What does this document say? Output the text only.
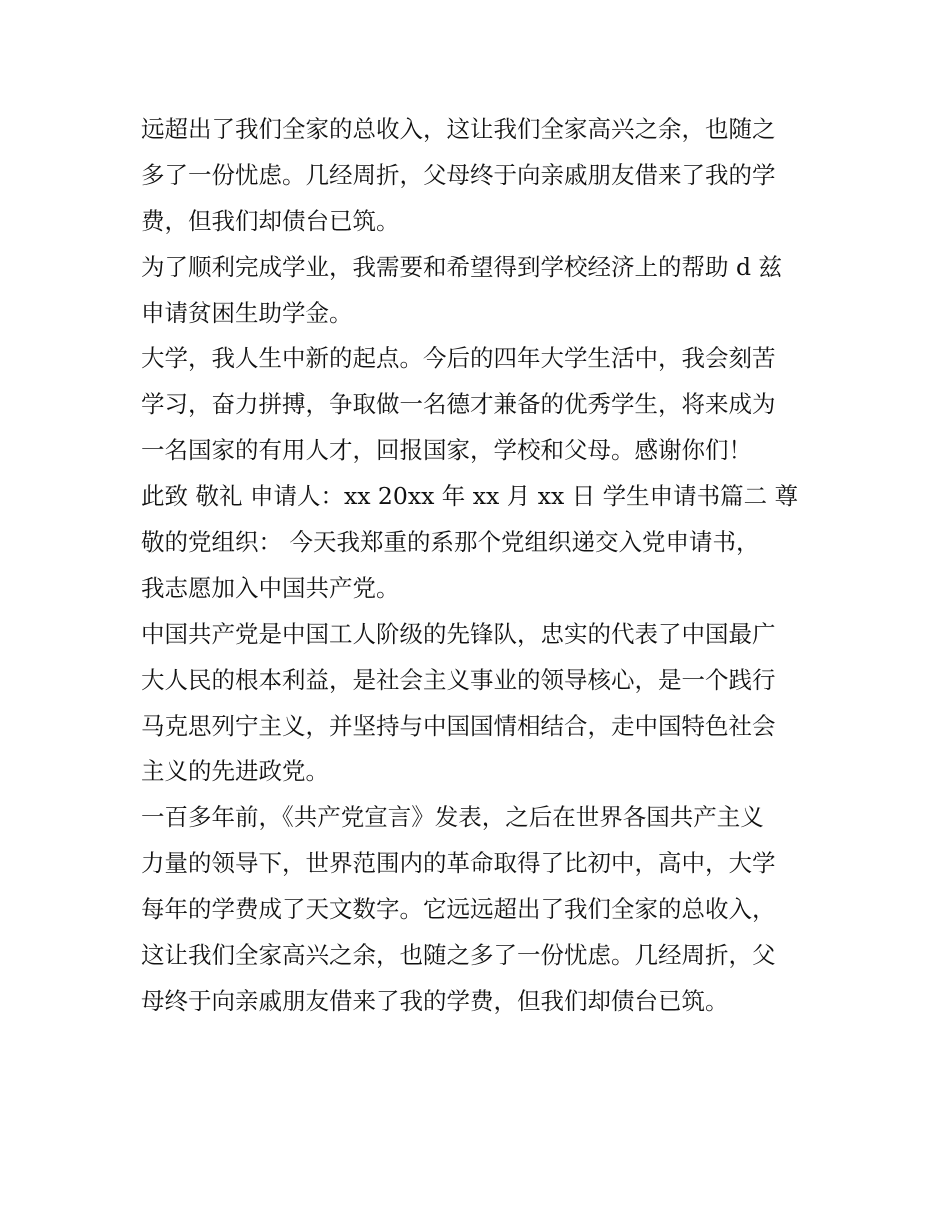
远超出了我们全家的总收入，这让我们全家高兴之余，也随之
多了一份忧虑。几经周折，父母终于向亲戚朋友借来了我的学
费，但我们却债台已筑。
为了顺利完成学业，我需要和希望得到学校经济上的帮助 d 兹
申请贫困生助学金。
大学，我人生中新的起点。今后的四年大学生活中，我会刻苦
学习，奋力拼搏，争取做一名德才兼备的优秀学生，将来成为
一名国家的有用人才，回报国家，学校和父母。感谢你们！
此致 敬礼 申请人：xx 20xx 年 xx 月 xx 日 学生申请书篇二 尊
敬的党组织： 今天我郑重的系那个党组织递交入党申请书，
我志愿加入中国共产党。
中国共产党是中国工人阶级的先锋队，忠实的代表了中国最广
大人民的根本利益，是社会主义事业的领导核心，是一个践行
马克思列宁主义，并坚持与中国国情相结合，走中国特色社会
主义的先进政党。
一百多年前，《共产党宣言》发表，之后在世界各国共产主义
力量的领导下，世界范围内的革命取得了比初中，高中，大学
每年的学费成了天文数字。它远远超出了我们全家的总收入，
这让我们全家高兴之余，也随之多了一份忧虑。几经周折，父
母终于向亲戚朋友借来了我的学费，但我们却债台已筑。
